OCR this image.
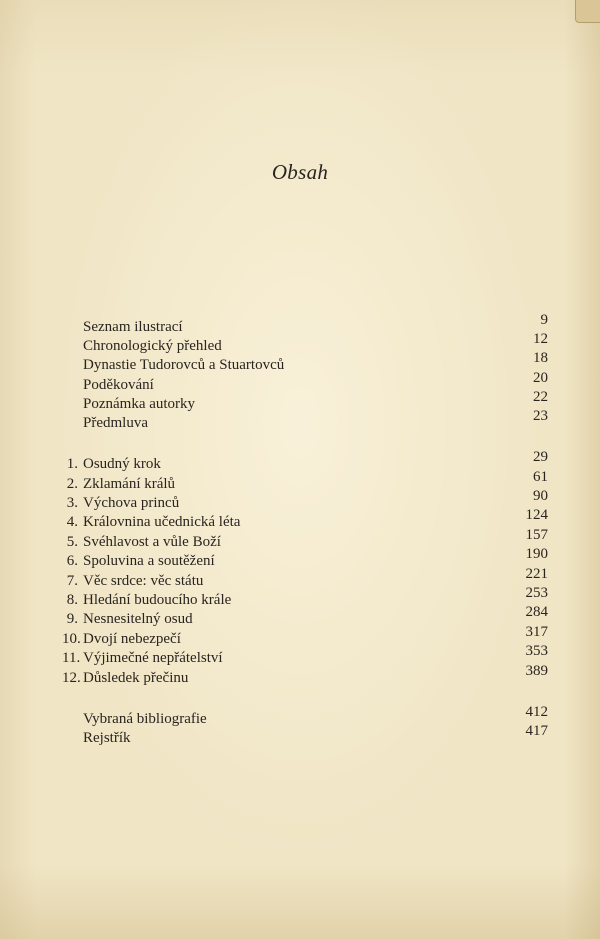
Obsah
Seznam ilustrací	9
Chronologický přehled	12
Dynastie Tudorovců a Stuartovců	18
Poděkování	20
Poznámka autorky	22
Předmluva	23
1. Osudný krok	29
2. Zklamání králů	61
3. Výchova princů	90
4. Královnina učednická léta	124
5. Svéhlavost a vůle Boží	157
6. Spoluvina a soutěžení	190
7. Věc srdce: věc státu	221
8. Hledání budoucího krále	253
9. Nesnesitelný osud	284
10. Dvojí nebezpečí	317
11. Výjimečné nepřátelství	353
12. Důsledek přečinu	389
Vybraná bibliografie	412
Rejstřík	417
